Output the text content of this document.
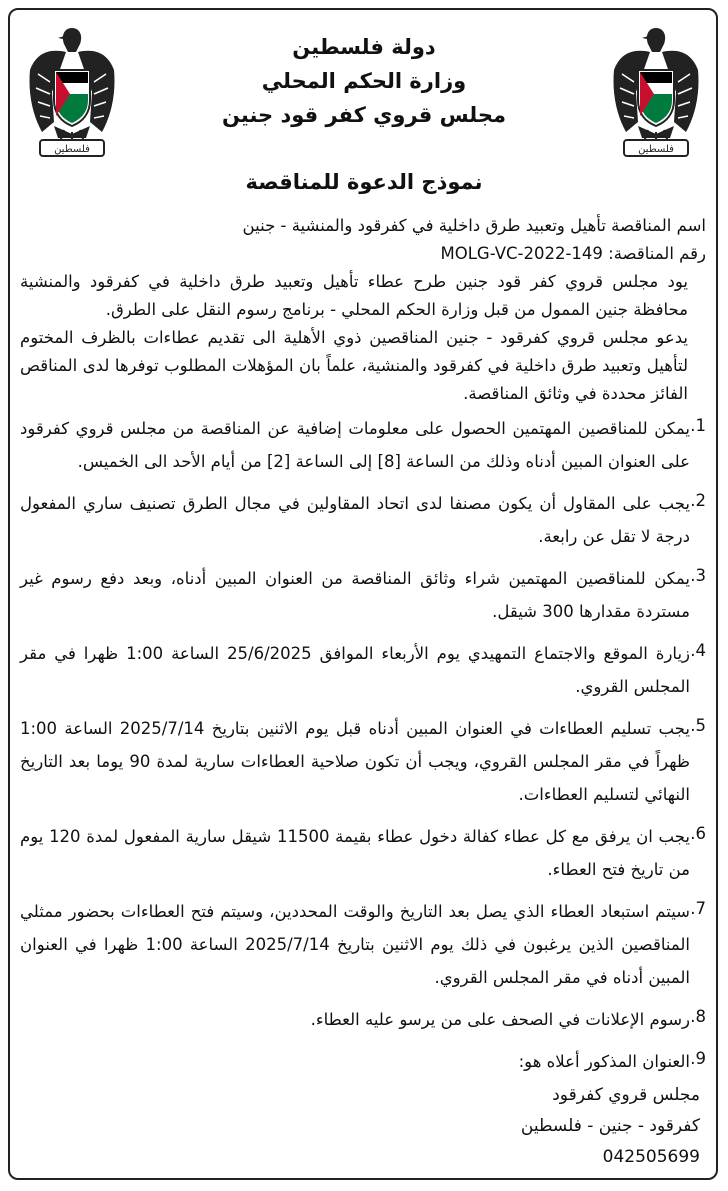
فلسطين	فلسطين
دولة فلسطين
وزارة الحكم المحلي
مجلس قروي كفر قود جنين
نموذج الدعوة للمناقصة

اسم المناقصة تأهيل وتعبيد طرق داخلية في كفرقود والمنشية - جنين

رقم المناقصة: MOLG-VC-2022-149

يود مجلس قروي كفر قود جنين طرح عطاء تأهيل وتعبيد طرق داخلية في كفرقود والمنشية محافظة جنين الممول من قبل وزارة الحكم المحلي - برنامج رسوم النقل على الطرق.

يدعو مجلس قروي كفرقود - جنين المناقصين ذوي الأهلية الى تقديم عطاءات بالظرف المختوم لتأهيل وتعبيد طرق داخلية في كفرقود والمنشية، علماً بان المؤهلات المطلوب توفرها لدى المناقص الفائز محددة في وثائق المناقصة.

1.
يمكن للمناقصين المهتمين الحصول على معلومات إضافية عن المناقصة من مجلس قروي كفرقود على العنوان المبين أدناه وذلك من الساعة [8] إلى الساعة [2] من أيام الأحد الى الخميس.
2.
يجب على المقاول أن يكون مصنفا لدى اتحاد المقاولين في مجال الطرق تصنيف ساري المفعول درجة لا تقل عن رابعة.
3.
يمكن للمناقصين المهتمين شراء وثائق المناقصة من العنوان المبين أدناه، وبعد دفع رسوم غير مستردة مقدارها 300 شيقل.
4.
زيارة الموقع والاجتماع التمهيدي يوم الأربعاء الموافق 25/6/2025 الساعة 1:00 ظهرا في مقر المجلس القروي.
5.
يجب تسليم العطاءات في العنوان المبين أدناه قبل يوم الاثنين بتاريخ 2025/7/14 الساعة 1:00 ظهراً في مقر المجلس القروي، ويجب أن تكون صلاحية العطاءات سارية لمدة 90 يوما بعد التاريخ النهائي لتسليم العطاءات.
6.
يجب ان يرفق مع كل عطاء كفالة دخول عطاء بقيمة 11500 شيقل سارية المفعول لمدة 120 يوم من تاريخ فتح العطاء.
7.
سيتم استبعاد العطاء الذي يصل بعد التاريخ والوقت المحددين، وسيتم فتح العطاءات بحضور ممثلي المناقصين الذين يرغبون في ذلك يوم الاثنين بتاريخ 2025/7/14 الساعة 1:00 ظهرا في العنوان المبين أدناه في مقر المجلس القروي.
8.
رسوم الإعلانات في الصحف على من يرسو عليه العطاء.
9.
العنوان المذكور أعلاه هو:
مجلس قروي كفرقود
كفرقود - جنين - فلسطين
042505699
